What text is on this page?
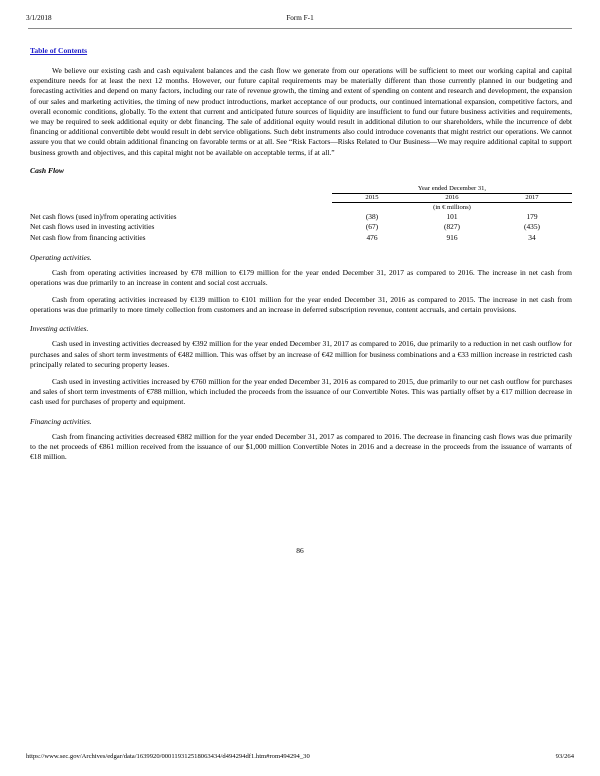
3/1/2018	Form F-1
Table of Contents

We believe our existing cash and cash equivalent balances and the cash flow we generate from our operations will be sufficient to meet our working capital and capital expenditure needs for at least the next 12 months. However, our future capital requirements may be materially different than those currently planned in our budgeting and forecasting activities and depend on many factors, including our rate of revenue growth, the timing and extent of spending on content and research and development, the expansion of our sales and marketing activities, the timing of new product introductions, market acceptance of our products, our continued international expansion, competitive factors, and overall economic conditions, globally. To the extent that current and anticipated future sources of liquidity are insufficient to fund our future business activities and requirements, we may be required to seek additional equity or debt financing. The sale of additional equity would result in additional dilution to our shareholders, while the incurrence of debt financing or additional convertible debt would result in debt service obligations. Such debt instruments also could introduce covenants that might restrict our operations. We cannot assure you that we could obtain additional financing on favorable terms or at all. See “Risk Factors—Risks Related to Our Business—We may require additional capital to support business growth and objectives, and this capital might not be available on acceptable terms, if at all.”

Cash Flow
	Year ended December 31,		
	2015	2016	2017
	(in € millions)		
Net cash flows (used in)/from operating activities	(38)	101	179
Net cash flows used in investing activities	(67)	(827)	(435)
Net cash flow from financing activities	476	916	34
Operating activities.

Cash from operating activities increased by €78 million to €179 million for the year ended December 31, 2017 as compared to 2016. The increase in net cash from operations was due primarily to an increase in content and social cost accruals.

Cash from operating activities increased by €139 million to €101 million for the year ended December 31, 2016 as compared to 2015. The increase in net cash from operations was due primarily to more timely collection from customers and an increase in deferred subscription revenue, content accruals, and certain provisions.

Investing activities.

Cash used in investing activities decreased by €392 million for the year ended December 31, 2017 as compared to 2016, due primarily to a reduction in net cash outflow for purchases and sales of short term investments of €482 million. This was offset by an increase of €42 million for business combinations and a €33 million increase in restricted cash principally related to securing property leases.

Cash used in investing activities increased by €760 million for the year ended December 31, 2016 as compared to 2015, due primarily to our net cash outflow for purchases and sales of short term investments of €788 million, which included the proceeds from the issuance of our Convertible Notes. This was partially offset by a €17 million decrease in cash used for purchases of property and equipment.

Financing activities.

Cash from financing activities decreased €882 million for the year ended December 31, 2017 as compared to 2016. The decrease in financing cash flows was due primarily to the net proceeds of €861 million received from the issuance of our $1,000 million Convertible Notes in 2016 and a decrease in the proceeds from the issuance of warrants of €18 million.

86
https://www.sec.gov/Archives/edgar/data/1639920/000119312518063434/d494294df1.htm#rom494294_30	93/264
